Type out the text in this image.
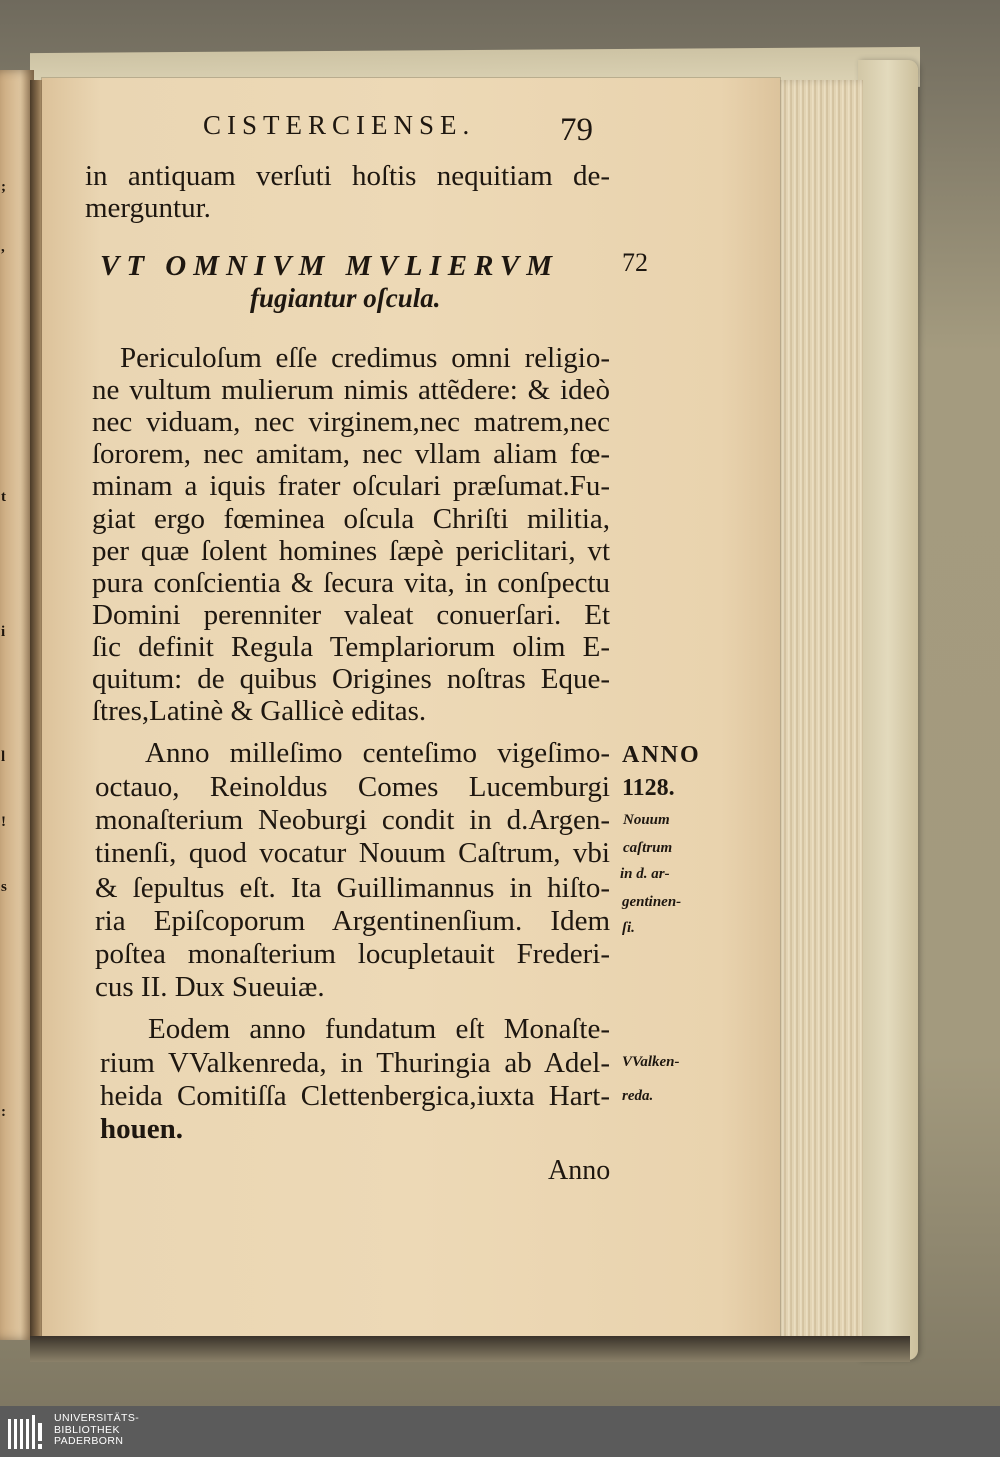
;
,
t
i
l
!
s
:
CISTERCIENSE.	79
in antiquam verſuti hoſtis nequitiam de-
merguntur.
VT OMNIVM MVLIERVM
fugiantur oſcula.
72
Periculoſum eſſe credimus omni religio-
ne vultum mulierum nimis attẽdere: & ideò
nec viduam, nec virginem,nec matrem,nec
ſororem, nec amitam, nec vllam aliam fœ-
minam a iquis frater oſculari præſumat.Fu-
giat ergo fœminea oſcula Chriſti militia,
per quæ ſolent homines ſæpè periclitari, vt
pura conſcientia & ſecura vita, in conſpectu
Domini perenniter valeat conuerſari. Et
ſic definit Regula Templariorum olim E-
quitum: de quibus Origines noſtras Eque-
ſtres,Latinè & Gallicè editas.
Anno milleſimo centeſimo vigeſimo-
octauo, Reinoldus Comes Lucemburgi
monaſterium Neoburgi condit in d.Argen-
tinenſi, quod vocatur Nouum Caſtrum, vbi
& ſepultus eſt. Ita Guillimannus in hiſto-
ria Epiſcoporum Argentinenſium. Idem
poſtea monaſterium locupletauit Frederi-
cus II. Dux Sueuiæ.
Eodem anno fundatum eſt Monaſte-
rium VValkenreda, in Thuringia ab Adel-
heida Comitiſſa Clettenbergica,iuxta Hart-
houen.
ANNO
1128.
Nouum
caſtrum
in d. ar-
gentinen-
ſi.
VValken-
reda.
Anno
UNIVERSITÄTS-
BIBLIOTHEK
PADERBORN
